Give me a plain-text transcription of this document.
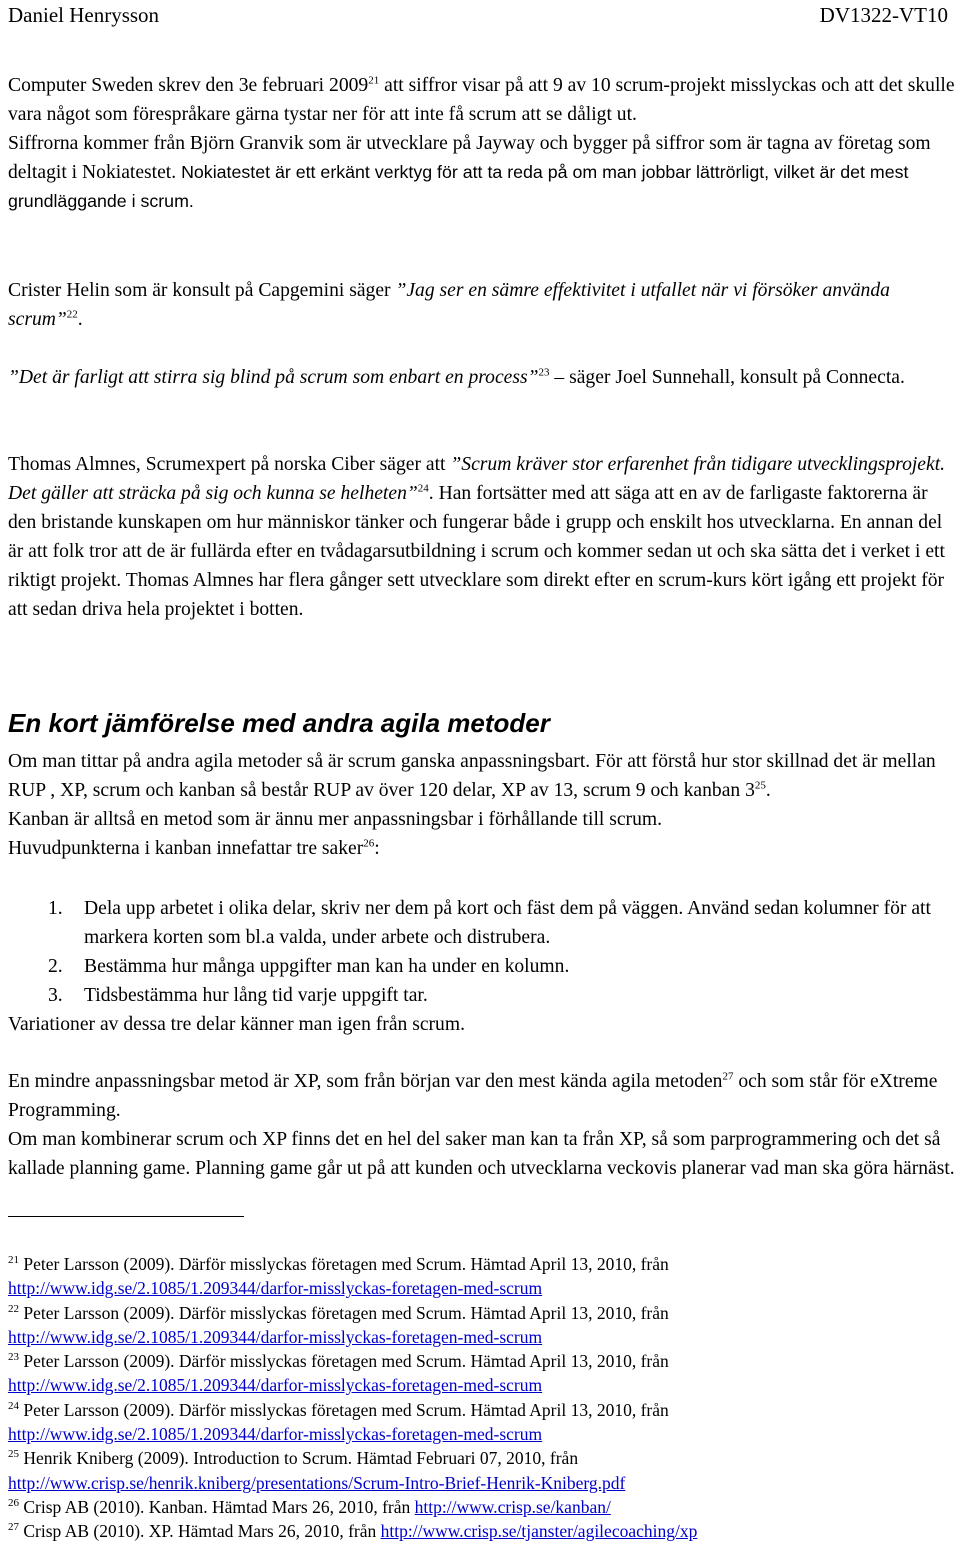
Daniel Henrysson	DV1322-VT10

Computer Sweden skrev den 3e februari 2009$^{21}$ att siffror visar på att 9 av 10 scrum-projekt misslyckas och att det skulle vara något som förespråkare gärna tystar ner för att inte få scrum att se dåligt ut.
Siffrorna kommer från Björn Granvik som är utvecklare på Jayway och bygger på siffror som är tagna av företag som deltagit i Nokiatestet. Nokiatestet är ett erkänt verktyg för att ta reda på om man jobbar lättrörligt, vilket är det mest grundläggande i scrum.

Crister Helin som är konsult på Capgemini säger ”Jag ser en sämre effektivitet i utfallet när vi försöker använda scrum”$^{22}$.

”Det är farligt att stirra sig blind på scrum som enbart en process”$^{23}$ – säger Joel Sunnehall, konsult på Connecta.

Thomas Almnes, Scrumexpert på norska Ciber säger att ”Scrum kräver stor erfarenhet från tidigare utvecklingsprojekt. Det gäller att sträcka på sig och kunna se helheten”$^{24}$. Han fortsätter med att säga att en av de farligaste faktorerna är den bristande kunskapen om hur människor tänker och fungerar både i grupp och enskilt hos utvecklarna. En annan del är att folk tror att de är fullärda efter en tvådagarsutbildning i scrum och kommer sedan ut och ska sätta det i verket i ett riktigt projekt. Thomas Almnes har flera gånger sett utvecklare som direkt efter en scrum-kurs kört igång ett projekt för att sedan driva hela projektet i botten.

En kort jämförelse med andra agila metoder

Om man tittar på andra agila metoder så är scrum ganska anpassningsbart. För att förstå hur stor skillnad det är mellan RUP , XP, scrum och kanban så består RUP av över 120 delar, XP av 13, scrum 9 och kanban $3^{25}$.
Kanban är alltså en metod som är ännu mer anpassningsbar i förhållande till scrum.
Huvudpunkterna i kanban innefattar tre saker$^{26}$:

1. Dela upp arbetet i olika delar, skriv ner dem på kort och fäst dem på väggen. Använd sedan kolumner för att markera korten som bl.a valda, under arbete och distrubera.
2. Bestämma hur många uppgifter man kan ha under en kolumn.
3. Tidsbestämma hur lång tid varje uppgift tar.

Variationer av dessa tre delar känner man igen från scrum.

En mindre anpassningsbar metod är XP, som från början var den mest kända agila metoden$^{27}$ och som står för eXtreme Programming.
Om man kombinerar scrum och XP finns det en hel del saker man kan ta från XP, så som parprogrammering och det så kallade planning game. Planning game går ut på att kunden och utvecklarna veckovis planerar vad man ska göra härnäst.

$^{21}$ Peter Larsson (2009). Därför misslyckas företagen med Scrum. Hämtad April 13, 2010, från
http://www.idg.se/2.1085/1.209344/darfor-misslyckas-foretagen-med-scrum
$^{22}$ Peter Larsson (2009). Därför misslyckas företagen med Scrum. Hämtad April 13, 2010, från
http://www.idg.se/2.1085/1.209344/darfor-misslyckas-foretagen-med-scrum
$^{23}$ Peter Larsson (2009). Därför misslyckas företagen med Scrum. Hämtad April 13, 2010, från
http://www.idg.se/2.1085/1.209344/darfor-misslyckas-foretagen-med-scrum
$^{24}$ Peter Larsson (2009). Därför misslyckas företagen med Scrum. Hämtad April 13, 2010, från
http://www.idg.se/2.1085/1.209344/darfor-misslyckas-foretagen-med-scrum
$^{25}$ Henrik Kniberg (2009). Introduction to Scrum. Hämtad Februari 07, 2010, från
http://www.crisp.se/henrik.kniberg/presentations/Scrum-Intro-Brief-Henrik-Kniberg.pdf
$^{26}$ Crisp AB (2010). Kanban. Hämtad Mars 26, 2010, från http://www.crisp.se/kanban/
$^{27}$ Crisp AB (2010). XP. Hämtad Mars 26, 2010, från http://www.crisp.se/tjanster/agilecoaching/xp
